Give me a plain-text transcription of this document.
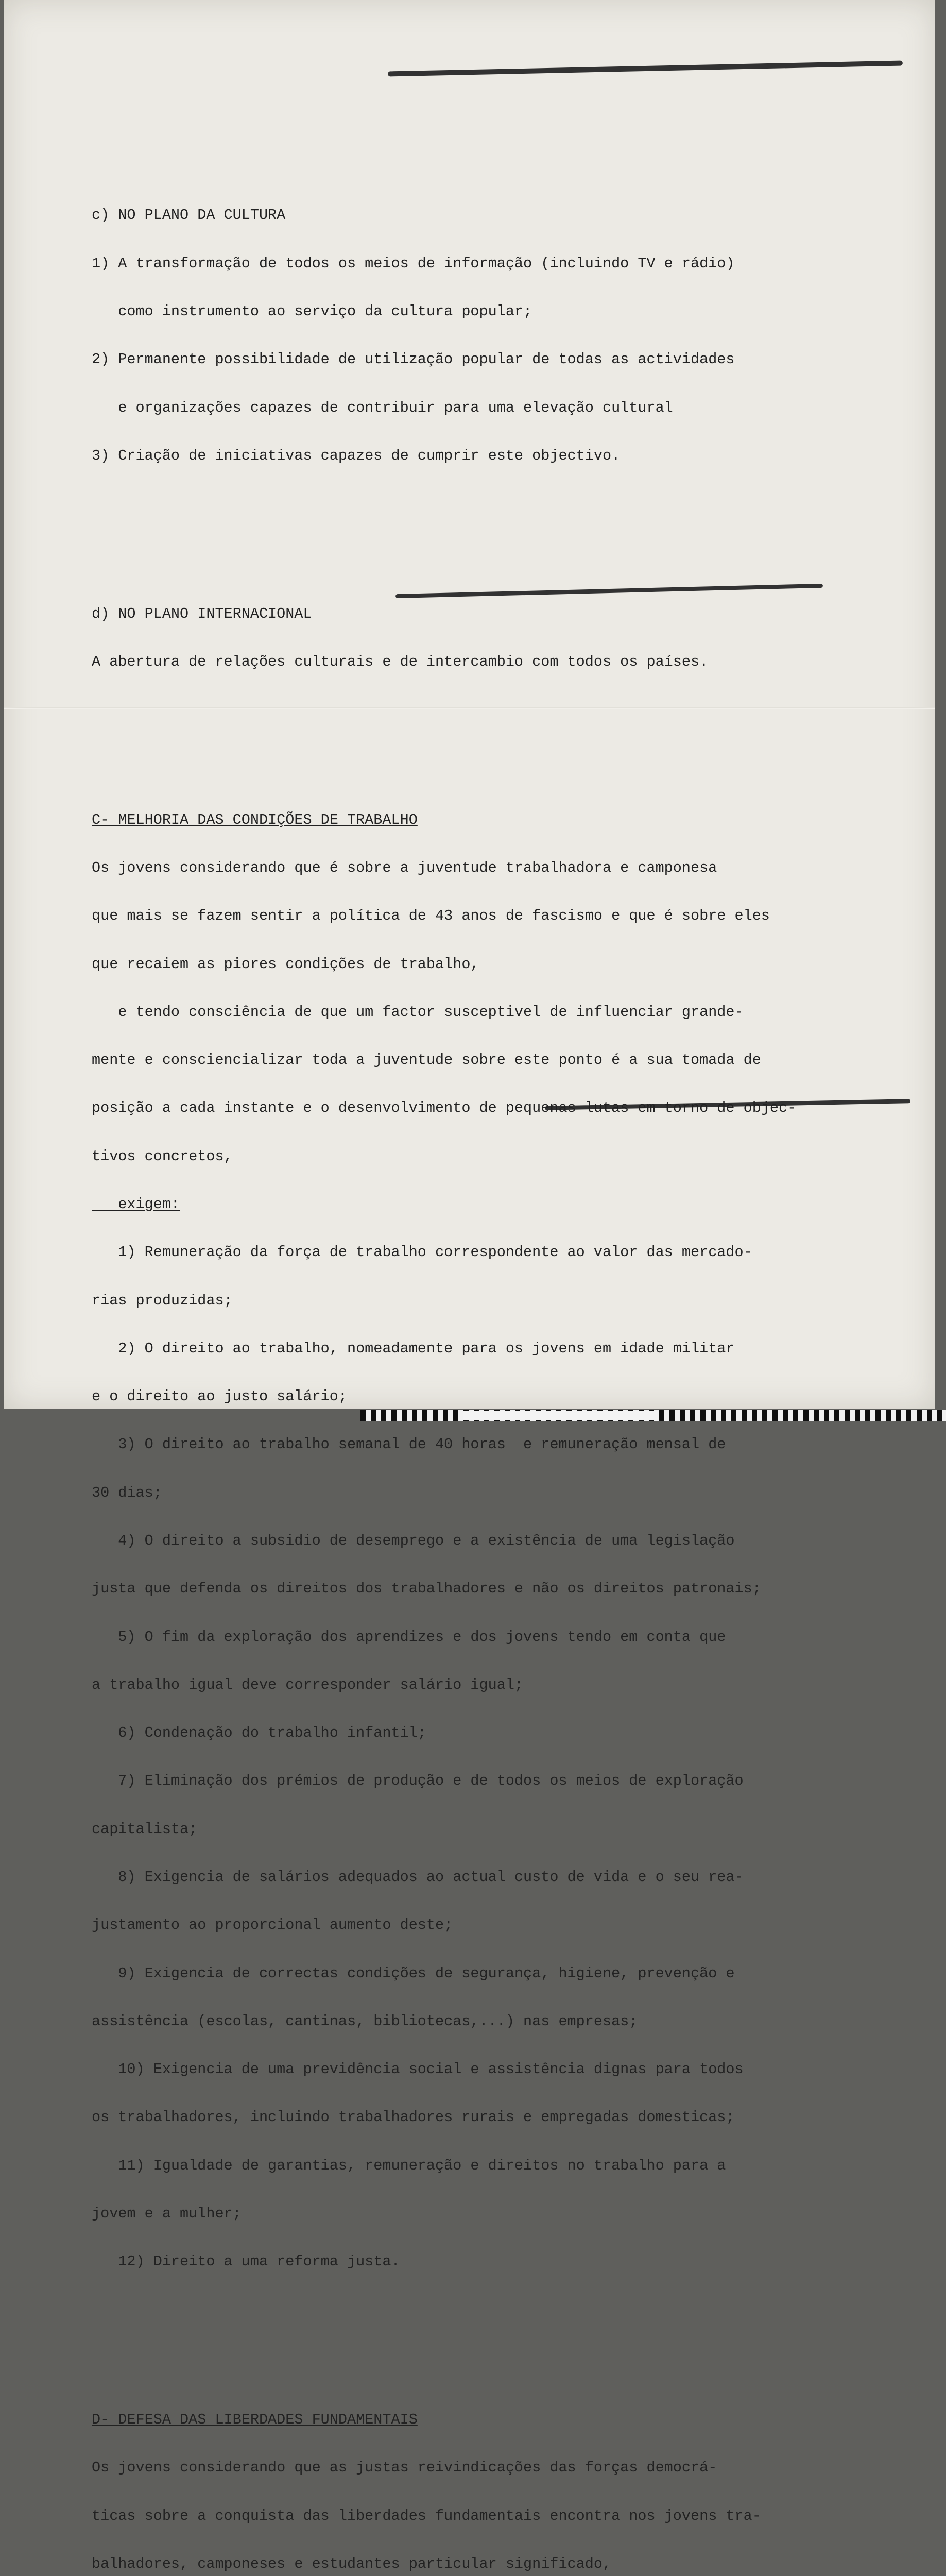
c) NO PLANO DA CULTURA

1) A transformação de todos os meios de informação (incluindo TV e rádio)

como instrumento ao serviço da cultura popular;

2) Permanente possibilidade de utilização popular de todas as actividades

e organizações capazes de contribuir para uma elevação cultural

3) Criação de iniciativas capazes de cumprir este objectivo.

d) NO PLANO INTERNACIONAL

A abertura de relações culturais e de intercambio com todos os países.

C- MELHORIA DAS CONDIÇÕES DE TRABALHO

Os jovens considerando que é sobre a juventude trabalhadora e camponesa

que mais se fazem sentir a política de 43 anos de fascismo e que é sobre eles

que recaiem as piores condições de trabalho,

e tendo consciência de que um factor susceptivel de influenciar grande-

mente e consciencializar toda a juventude sobre este ponto é a sua tomada de

posição a cada instante e o desenvolvimento de pequenas lutas em torno de objec-

tivos concretos,

exigem:

1) Remuneração da força de trabalho correspondente ao valor das mercado-

rias produzidas;

2) O direito ao trabalho, nomeadamente para os jovens em idade militar

e o direito ao justo salário;

3) O direito ao trabalho semanal de 40 horas  e remuneração mensal de

30 dias;

4) O direito a subsidio de desemprego e a existência de uma legislação

justa que defenda os direitos dos trabalhadores e não os direitos patronais;

5) O fim da exploração dos aprendizes e dos jovens tendo em conta que

a trabalho igual deve corresponder salário igual;

6) Condenação do trabalho infantil;

7) Eliminação dos prémios de produção e de todos os meios de exploração

capitalista;

8) Exigencia de salários adequados ao actual custo de vida e o seu rea-

justamento ao proporcional aumento deste;

9) Exigencia de correctas condições de segurança, higiene, prevenção e

assistência (escolas, cantinas, bibliotecas,...) nas empresas;

10) Exigencia de uma previdência social e assistência dignas para todos

os trabalhadores, incluindo trabalhadores rurais e empregadas domesticas;

11) Igualdade de garantias, remuneração e direitos no trabalho para a

jovem e a mulher;

12) Direito a uma reforma justa.

D- DEFESA DAS LIBERDADES FUNDAMENTAIS

Os jovens considerando que as justas reivindicações das forças democrá-

ticas sobre a conquista das liberdades fundamentais encontra nos jovens tra-

balhadores, camponeses e estudantes particular significado,
